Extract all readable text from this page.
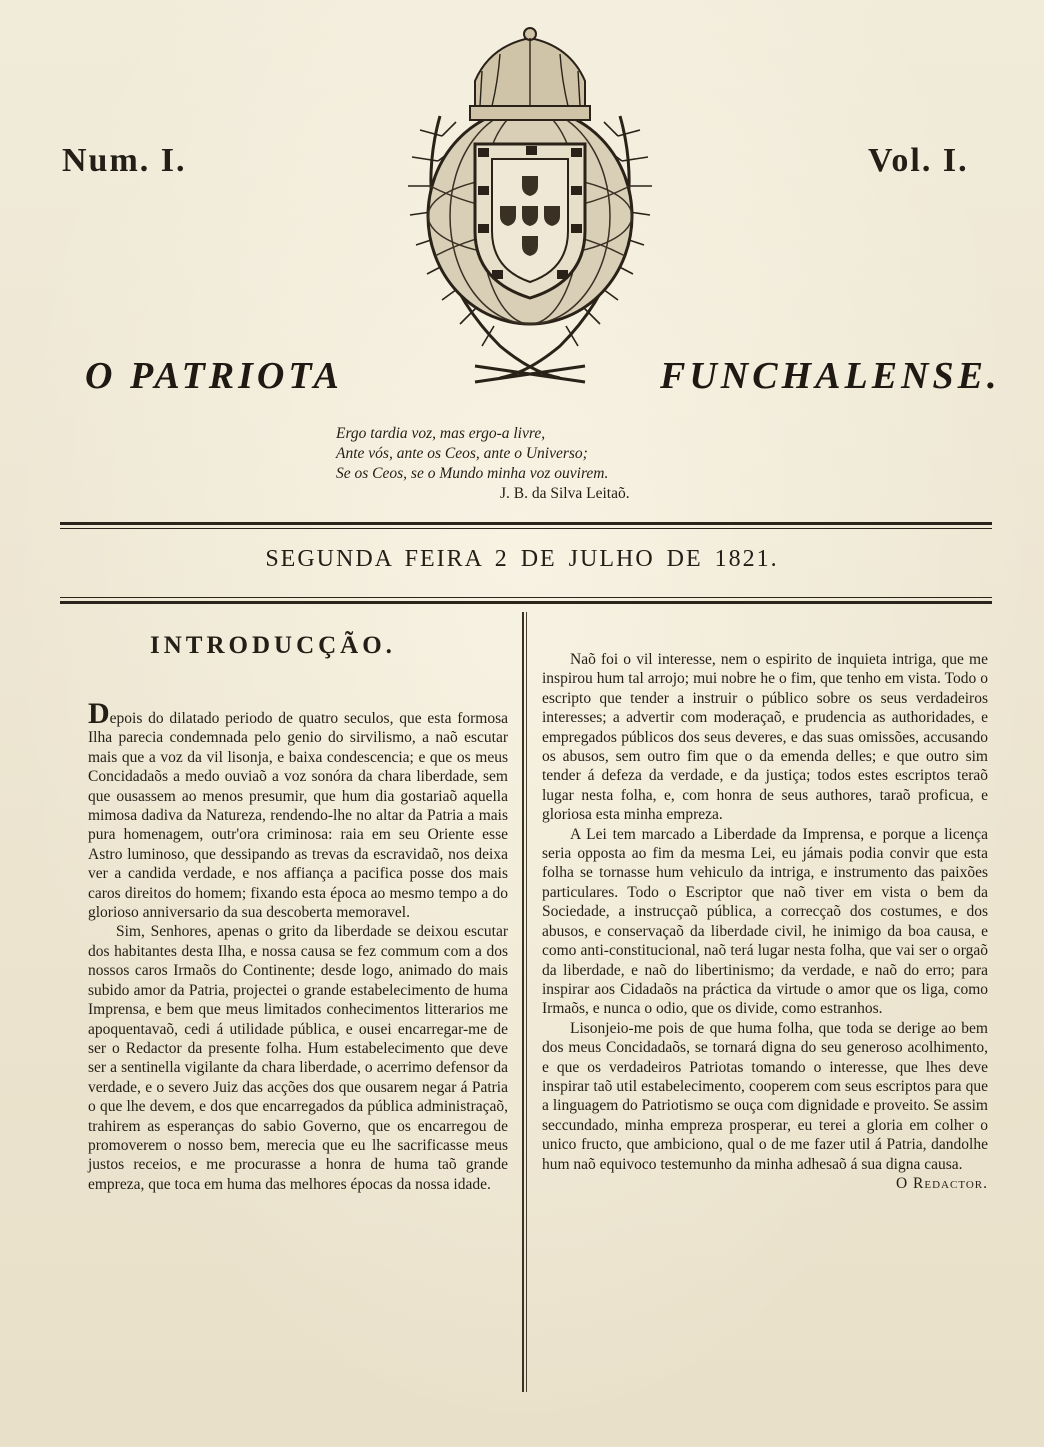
Num. I.	Vol. I.
O PATRIOTA	FUNCHALENSE.
Ergo tardia voz, mas ergo-a livre,
Ante vós, ante os Ceos, ante o Universo;
Se os Ceos, se o Mundo minha voz ouvirem.
J. B. da Silva Leitaõ.
SEGUNDA FEIRA 2 DE JULHO DE 1821.
INTRODUCÇÃO.

Depois do dilatado periodo de quatro seculos, que esta formosa Ilha parecia condemnada pelo genio do sirvilismo, a naõ escutar mais que a voz da vil lisonja, e baixa condescencia; e que os meus Concidadaõs a medo ouviaõ a voz sonóra da chara liberdade, sem que ousassem ao menos presumir, que hum dia gostariaõ aquella mimosa dadiva da Natureza, rendendo-lhe no altar da Patria a mais pura homenagem, outr'ora criminosa: raia em seu Oriente esse Astro luminoso, que dessipando as trevas da escravidaõ, nos deixa ver a candida verdade, e nos affiança a pacifica posse dos mais caros direitos do homem; fixando esta época ao mesmo tempo a do glorioso anniversario da sua descoberta memoravel.

Sim, Senhores, apenas o grito da liberdade se deixou escutar dos habitantes desta Ilha, e nossa causa se fez commum com a dos nossos caros Irmaõs do Continente; desde logo, animado do mais subido amor da Patria, projectei o grande estabelecimento de huma Imprensa, e bem que meus limitados conhecimentos litterarios me apoquentavaõ, cedi á utilidade pública, e ousei encarregar-me de ser o Redactor da presente folha. Hum estabelecimento que deve ser a sentinella vigilante da chara liberdade, o acerrimo defensor da verdade, e o severo Juiz das acções dos que ousarem negar á Patria o que lhe devem, e dos que encarregados da pública administraçaõ, trahirem as esperanças do sabio Governo, que os encarregou de promoverem o nosso bem, merecia que eu lhe sacrificasse meus justos receios, e me procurasse a honra de huma taõ grande empreza, que toca em huma das melhores épocas da nossa idade.

Naõ foi o vil interesse, nem o espirito de inquieta intriga, que me inspirou hum tal arrojo; mui nobre he o fim, que tenho em vista. Todo o escripto que tender a instruir o público sobre os seus verdadeiros interesses; a advertir com moderaçaõ, e prudencia as authoridades, e empregados públicos dos seus deveres, e das suas omissões, accusando os abusos, sem outro fim que o da emenda delles; e que outro sim tender á defeza da verdade, e da justiça; todos estes escriptos teraõ lugar nesta folha, e, com honra de seus authores, taraõ proficua, e gloriosa esta minha empreza.

A Lei tem marcado a Liberdade da Imprensa, e porque a licença seria opposta ao fim da mesma Lei, eu jámais podia convir que esta folha se tornasse hum vehiculo da intriga, e instrumento das paixões particulares. Todo o Escriptor que naõ tiver em vista o bem da Sociedade, a instrucçaõ pública, a correcçaõ dos costumes, e dos abusos, e conservaçaõ da liberdade civil, he inimigo da boa causa, e como anti-constitucional, naõ terá lugar nesta folha, que vai ser o orgaõ da liberdade, e naõ do libertinismo; da verdade, e naõ do erro; para inspirar aos Cidadaõs na práctica da virtude o amor que os liga, como Irmaõs, e nunca o odio, que os divide, como estranhos.

Lisonjeio-me pois de que huma folha, que toda se derige ao bem dos meus Concidadaõs, se tornará digna do seu generoso acolhimento, e que os verdadeiros Patriotas tomando o interesse, que lhes deve inspirar taõ util estabelecimento, cooperem com seus escriptos para que a linguagem do Patriotismo se ouça com dignidade e proveito. Se assim seccundado, minha empreza prosperar, eu terei a gloria em colher o unico fructo, que ambiciono, qual o de me fazer util á Patria, dandolhe hum naõ equivoco testemunho da minha adhesaõ á sua digna causa.

O Redactor.
